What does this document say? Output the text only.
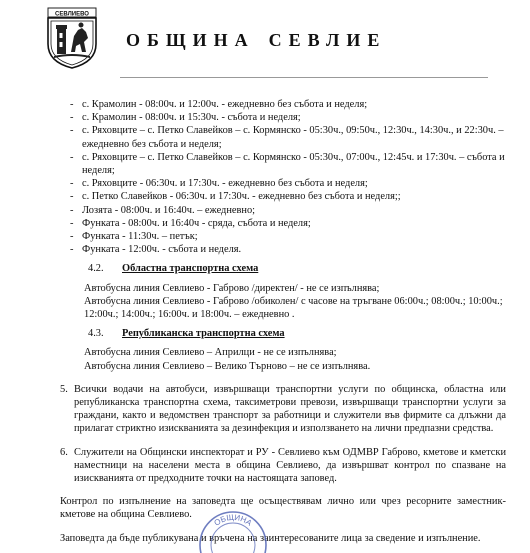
СЕВЛИЕВО
ОБЩИНА СЕВЛИЕ
- с. Крамолин - 08:00ч. и 12:00ч. - ежедневно без събота и неделя;
- с. Крамолин - 08:00ч. и 15:30ч. - събота и неделя;
- с. Ряховците – с. Петко Славейков – с. Кормянско - 05:30ч., 09:50ч., 12:30ч., 14:30ч., и 22:30ч. – ежедневно без събота и неделя;
- с. Ряховците – с. Петко Славейков – с. Кормянско - 05:30ч., 07:00ч., 12:45ч. и 17:30ч. – събота и неделя;
- с. Ряховците - 06:30ч. и 17:30ч. - ежедневно без събота и неделя;
- с. Петко Славейков - 06:30ч. и 17:30ч. - ежедневно без събота и неделя;;
- Лозята - 08:00ч. и 16:40ч. – ежедневно;
- Функата - 08:00ч. и 16:40ч - сряда, събота и неделя;
- Функата - 11:30ч. – петък;
- Функата - 12:00ч. - събота и неделя.
4.2. Областна транспортна схема
Автобусна линия Севлиево - Габрово /директен/ - не се изпълнява;
Автобусна линия Севлиево - Габрово /обиколен/ с часове на тръгване 06:00ч.; 08:00ч.; 10:00ч.; 12:00ч.; 14:00ч.; 16:00ч. и 18:00ч. – ежедневно .
4.3. Републиканска транспортна схема
Автобусна линия Севлиево – Априлци - не се изпълнява;
Автобусна линия Севлиево – Велико Търново – не се изпълнява.
5. Всички водачи на автобуси, извършващи транспортни услуги по общинска, областна или републиканска транспортна схема, таксиметрови превози, извършващи транспортни услуги за граждани, както и ведомствен транспорт за работници и служители във фирмите са длъжни да прилагат стриктно изискванията за дезинфекция и използването на лични предпазни средства.
6. Служители на Общински инспекторат и РУ - Севлиево към ОДМВР Габрово, кметове и кметски наместници на населени места в община Севлиево, да извършват контрол по спазване на изискванията от предходните точки на настоящата заповед.
Контрол по изпълнение на заповедта ще осъществявам лично или чрез ресорните заместник-кметове на община Севлиево.
Заповедта да бъде публикувана и връчена на заинтересованите лица за сведение и изпълнение.
ОБЩИНА
